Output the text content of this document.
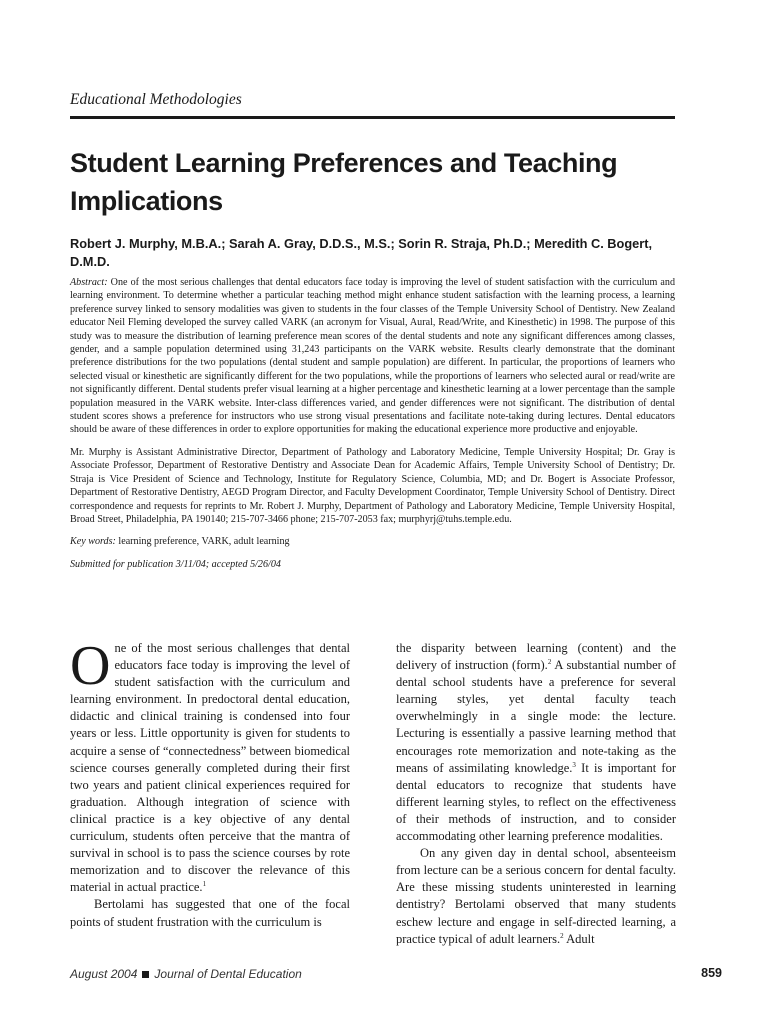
Educational Methodologies
Student Learning Preferences and Teaching Implications
Robert J. Murphy, M.B.A.; Sarah A. Gray, D.D.S., M.S.; Sorin R. Straja, Ph.D.; Meredith C. Bogert, D.M.D.

Abstract: One of the most serious challenges that dental educators face today is improving the level of student satisfaction with the curriculum and learning environment. To determine whether a particular teaching method might enhance student satisfaction with the learning process, a learning preference survey linked to sensory modalities was given to students in the four classes of the Temple University School of Dentistry. New Zealand educator Neil Fleming developed the survey called VARK (an acronym for Visual, Aural, Read/Write, and Kinesthetic) in 1998. The purpose of this study was to measure the distribution of learning preference mean scores of the dental students and note any significant differences among classes, gender, and a sample population determined using 31,243 participants on the VARK website. Results clearly demonstrate that the dominant preference distributions for the two populations (dental student and sample population) are different. In particular, the proportions of learners who selected visual or kinesthetic are significantly different for the two populations, while the proportions of learners who selected aural or read/write are not significantly different. Dental students prefer visual learning at a higher percentage and kinesthetic learning at a lower percentage than the sample population measured in the VARK website. Inter-class differences varied, and gender differences were not significant. The distribution of dental student scores shows a preference for instructors who use strong visual presentations and facilitate note-taking during lectures. Dental educators should be aware of these differences in order to explore opportunities for making the educational experience more productive and enjoyable.

Mr. Murphy is Assistant Administrative Director, Department of Pathology and Laboratory Medicine, Temple University Hospital; Dr. Gray is Associate Professor, Department of Restorative Dentistry and Associate Dean for Academic Affairs, Temple University School of Dentistry; Dr. Straja is Vice President of Science and Technology, Institute for Regulatory Science, Columbia, MD; and Dr. Bogert is Associate Professor, Department of Restorative Dentistry, AEGD Program Director, and Faculty Development Coordinator, Temple University School of Dentistry. Direct correspondence and requests for reprints to Mr. Robert J. Murphy, Department of Pathology and Laboratory Medicine, Temple University Hospital, Broad Street, Philadelphia, PA 190140; 215-707-3466 phone; 215-707-2053 fax; murphyrj@tuhs.temple.edu.

Key words: learning preference, VARK, adult learning

Submitted for publication 3/11/04; accepted 5/26/04

One of the most serious challenges that dental educators face today is improving the level of student satisfaction with the curriculum and learning environment. In predoctoral dental education, didactic and clinical training is condensed into four years or less. Little opportunity is given for students to acquire a sense of “connectedness” between biomedical science courses generally completed during their first two years and patient clinical experiences required for graduation. Although integration of science with clinical practice is a key objective of any dental curriculum, students often perceive that the mantra of survival in school is to pass the science courses by rote memorization and to discover the relevance of this material in actual practice.$^1$

Bertolami has suggested that one of the focal points of student frustration with the curriculum is

the disparity between learning (content) and the delivery of instruction (form).$^2$ A substantial number of dental school students have a preference for several learning styles, yet dental faculty teach overwhelmingly in a single mode: the lecture. Lecturing is essentially a passive learning method that encourages rote memorization and note-taking as the means of assimilating knowledge.$^3$ It is important for dental educators to recognize that students have different learning styles, to reflect on the effectiveness of their methods of instruction, and to consider accommodating other learning preference modalities.

On any given day in dental school, absenteeism from lecture can be a serious concern for dental faculty. Are these missing students uninterested in learning dentistry? Bertolami observed that many students eschew lecture and engage in self-directed learning, a practice typical of adult learners.$^2$ Adult

August 2004 Journal of Dental Education	859
